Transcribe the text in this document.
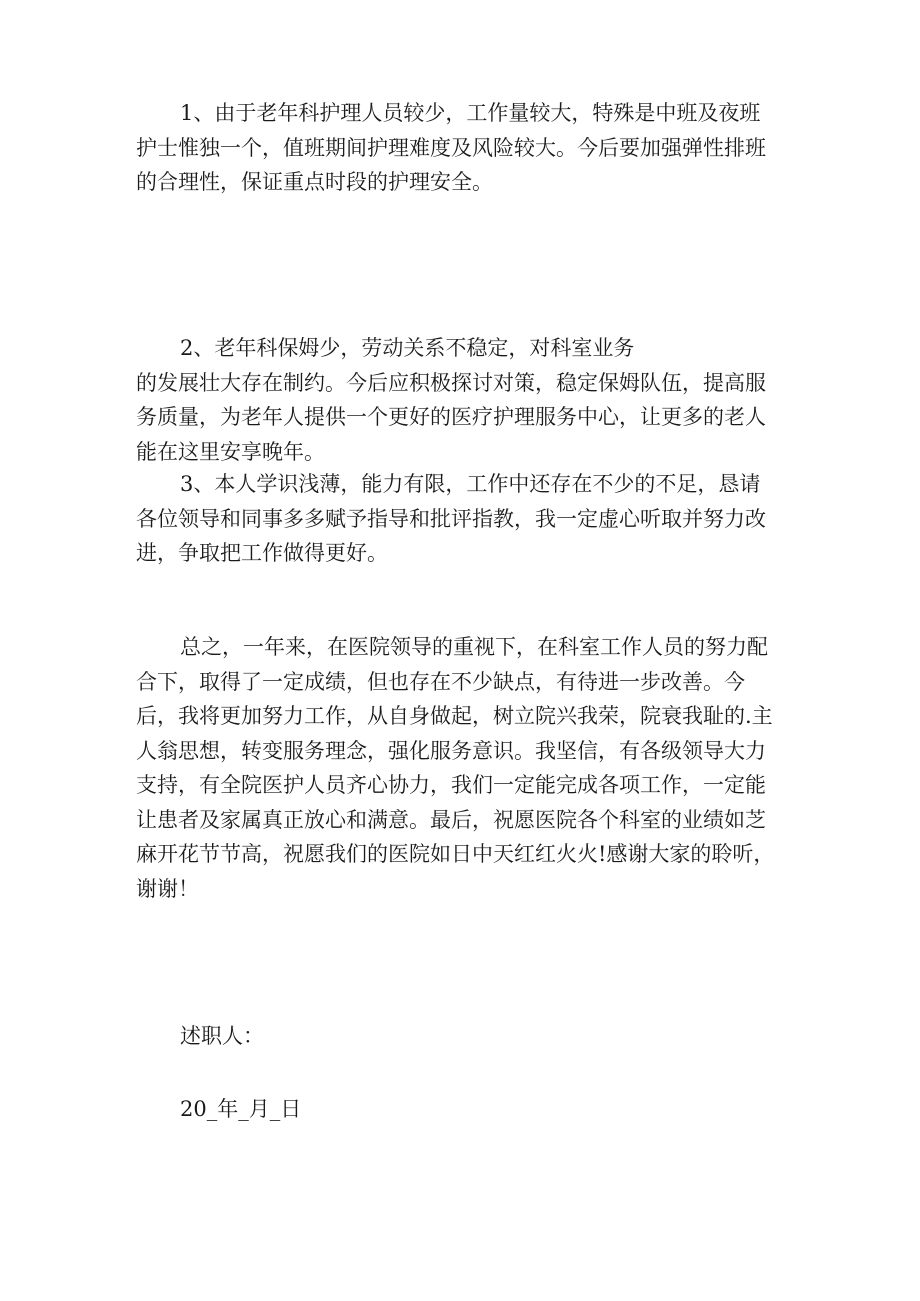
1、由于老年科护理人员较少，工作量较大，特殊是中班及夜班
护士惟独一个，值班期间护理难度及风险较大。今后要加强弹性排班
的合理性，保证重点时段的护理安全。

2、老年科保姆少，劳动关系不稳定，对科室业务
的发展壮大存在制约。今后应积极探讨对策，稳定保姆队伍，提高服
务质量，为老年人提供一个更好的医疗护理服务中心，让更多的老人
能在这里安享晚年。

3、本人学识浅薄，能力有限，工作中还存在不少的不足，恳请
各位领导和同事多多赋予指导和批评指教，我一定虚心听取并努力改
进，争取把工作做得更好。

总之，一年来，在医院领导的重视下，在科室工作人员的努力配
合下，取得了一定成绩，但也存在不少缺点，有待进一步改善。今
后，我将更加努力工作，从自身做起，树立院兴我荣，院衰我耻的.主
人翁思想，转变服务理念，强化服务意识。我坚信，有各级领导大力
支持，有全院医护人员齐心协力，我们一定能完成各项工作，一定能
让患者及家属真正放心和满意。最后，祝愿医院各个科室的业绩如芝
麻开花节节高，祝愿我们的医院如日中天红红火火!感谢大家的聆听，
谢谢！

述职人：
20_年_月_日
